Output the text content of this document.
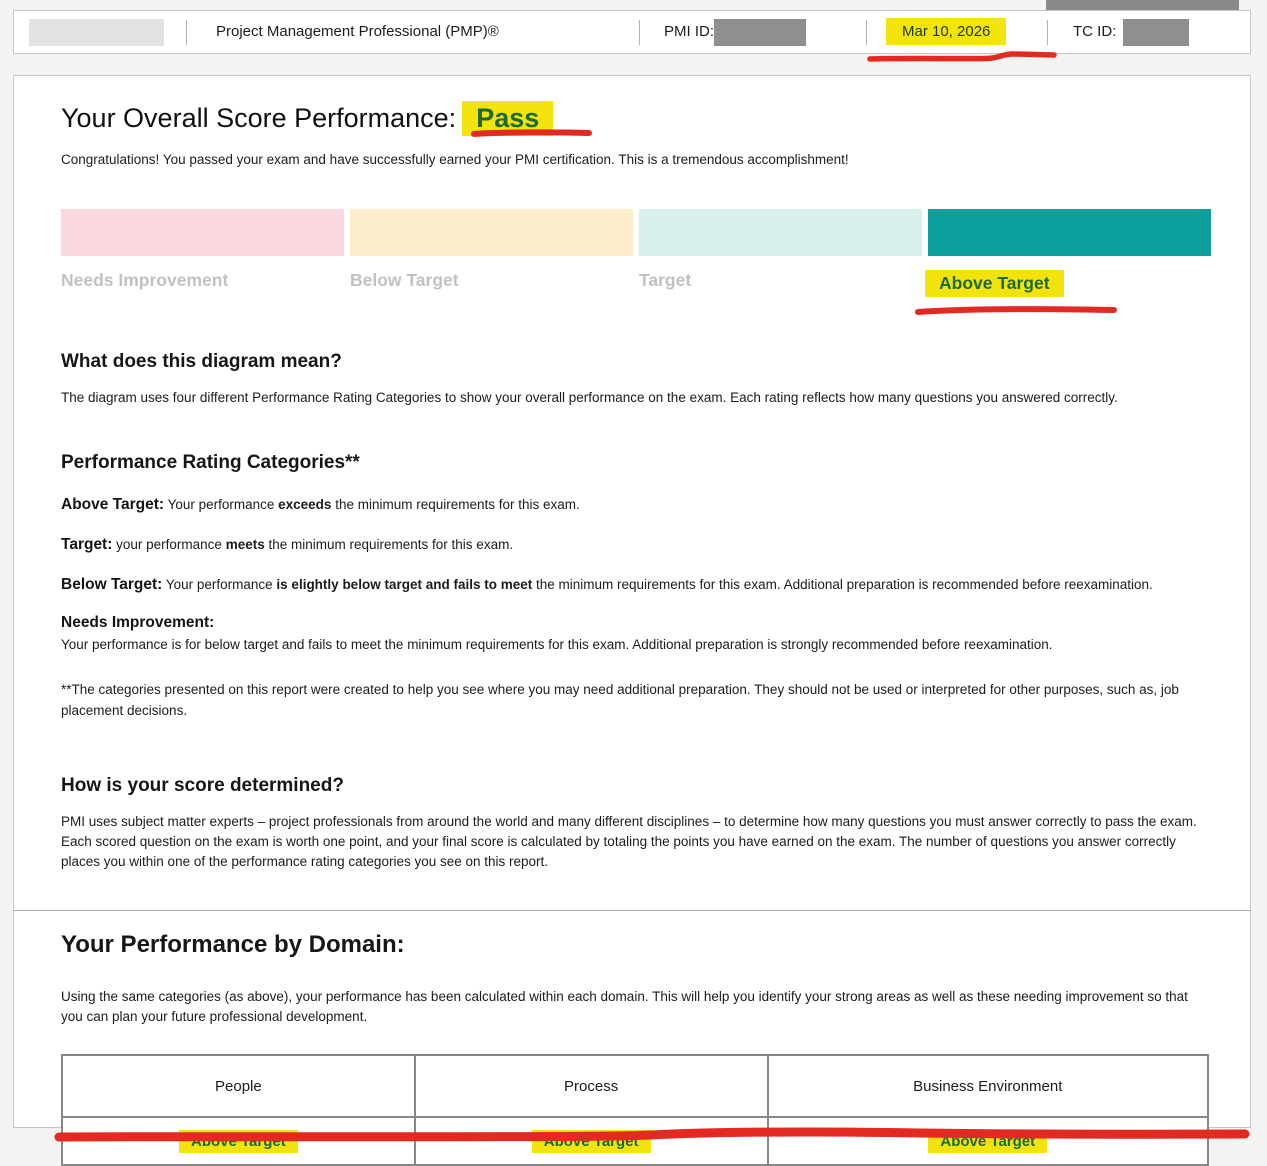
Project Management Professional (PMP)®	PMI ID:	Mar 10, 2026	TC ID:
Your Overall Score Performance: Pass

Congratulations! You passed your exam and have successfully earned your PMI certification. This is a tremendous accomplishment!

Needs Improvement	Below Target	Target	Above Target
What does this diagram mean?

The diagram uses four different Performance Rating Categories to show your overall performance on the exam. Each rating reflects how many questions you answered correctly.

Performance Rating Categories**

Above Target: Your performance exceeds the minimum requirements for this exam.

Target: your performance meets the minimum requirements for this exam.

Below Target: Your performance is elightly below target and fails to meet the minimum requirements for this exam. Additional preparation is recommended before reexamination.

Needs Improvement:

Your performance is for below target and fails to meet the minimum requirements for this exam. Additional preparation is strongly recommended before reexamination.

**The categories presented on this report were created to help you see where you may need additional preparation. They should not be used or interpreted for other purposes, such as, job placement decisions.

How is your score determined?

PMI uses subject matter experts – project professionals from around the world and many different disciplines – to determine how many questions you must answer correctly to pass the exam. Each scored question on the exam is worth one point, and your final score is calculated by totaling the points you have earned on the exam. The number of questions you answer correctly places you within one of the performance rating categories you see on this report.

Your Performance by Domain:

Using the same categories (as above), your performance has been calculated within each domain. This will help you identify your strong areas as well as these needing improvement so that you can plan your future professional development.

People	Process	Business Environment
Above Target	Above Target	Above Target
